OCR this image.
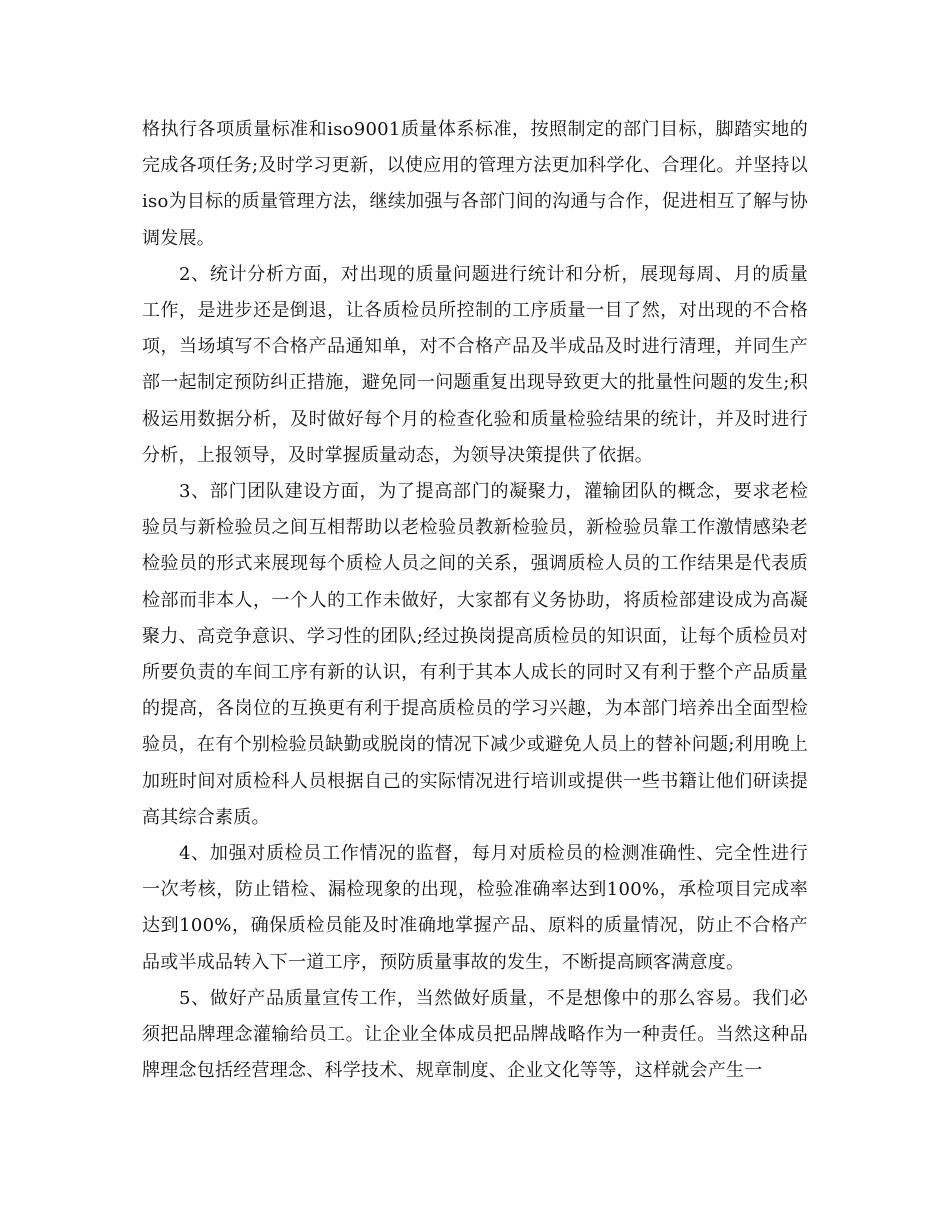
格执行各项质量标准和iso9001质量体系标准，按照制定的部门目标，脚踏实地的完成各项任务;及时学习更新，以使应用的管理方法更加科学化、合理化。并坚持以iso为目标的质量管理方法，继续加强与各部门间的沟通与合作，促进相互了解与协调发展。

2、统计分析方面，对出现的质量问题进行统计和分析，展现每周、月的质量工作，是进步还是倒退，让各质检员所控制的工序质量一目了然，对出现的不合格项，当场填写不合格产品通知单，对不合格产品及半成品及时进行清理，并同生产部一起制定预防纠正措施，避免同一问题重复出现导致更大的批量性问题的发生;积极运用数据分析，及时做好每个月的检查化验和质量检验结果的统计，并及时进行分析，上报领导，及时掌握质量动态，为领导决策提供了依据。

3、部门团队建设方面，为了提高部门的凝聚力，灌输团队的概念，要求老检验员与新检验员之间互相帮助以老检验员教新检验员，新检验员靠工作激情感染老检验员的形式来展现每个质检人员之间的关系，强调质检人员的工作结果是代表质检部而非本人，一个人的工作未做好，大家都有义务协助，将质检部建设成为高凝聚力、高竞争意识、学习性的团队;经过换岗提高质检员的知识面，让每个质检员对所要负责的车间工序有新的认识，有利于其本人成长的同时又有利于整个产品质量的提高，各岗位的互换更有利于提高质检员的学习兴趣，为本部门培养出全面型检验员，在有个别检验员缺勤或脱岗的情况下减少或避免人员上的替补问题;利用晚上加班时间对质检科人员根据自己的实际情况进行培训或提供一些书籍让他们研读提高其综合素质。

4、加强对质检员工作情况的监督，每月对质检员的检测准确性、完全性进行一次考核，防止错检、漏检现象的出现，检验准确率达到100%，承检项目完成率达到100%，确保质检员能及时准确地掌握产品、原料的质量情况，防止不合格产品或半成品转入下一道工序，预防质量事故的发生，不断提高顾客满意度。

5、做好产品质量宣传工作，当然做好质量，不是想像中的那么容易。我们必须把品牌理念灌输给员工。让企业全体成员把品牌战略作为一种责任。当然这种品牌理念包括经营理念、科学技术、规章制度、企业文化等等，这样就会产生一
